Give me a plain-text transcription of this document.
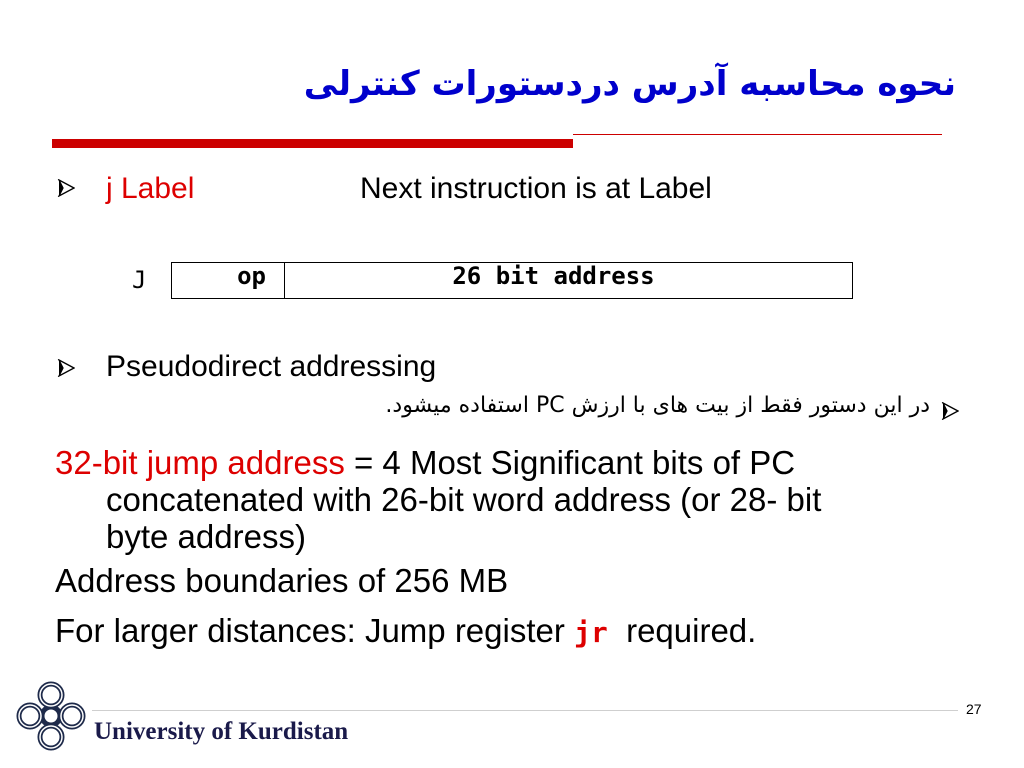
نحوه محاسبه آدرس دردستورات کنترلی
j Label	Next instruction is at Label
J	op	26 bit address
Pseudodirect addressing
در این دستور فقط از بیت های با ارزش PC استفاده میشود.
32-bit jump address = 4 Most Significant bits of PC
concatenated with 26-bit word address (or 28- bit
byte address)
Address boundaries of 256 MB
For larger distances: Jump register jr  required.
27
University of Kurdistan
